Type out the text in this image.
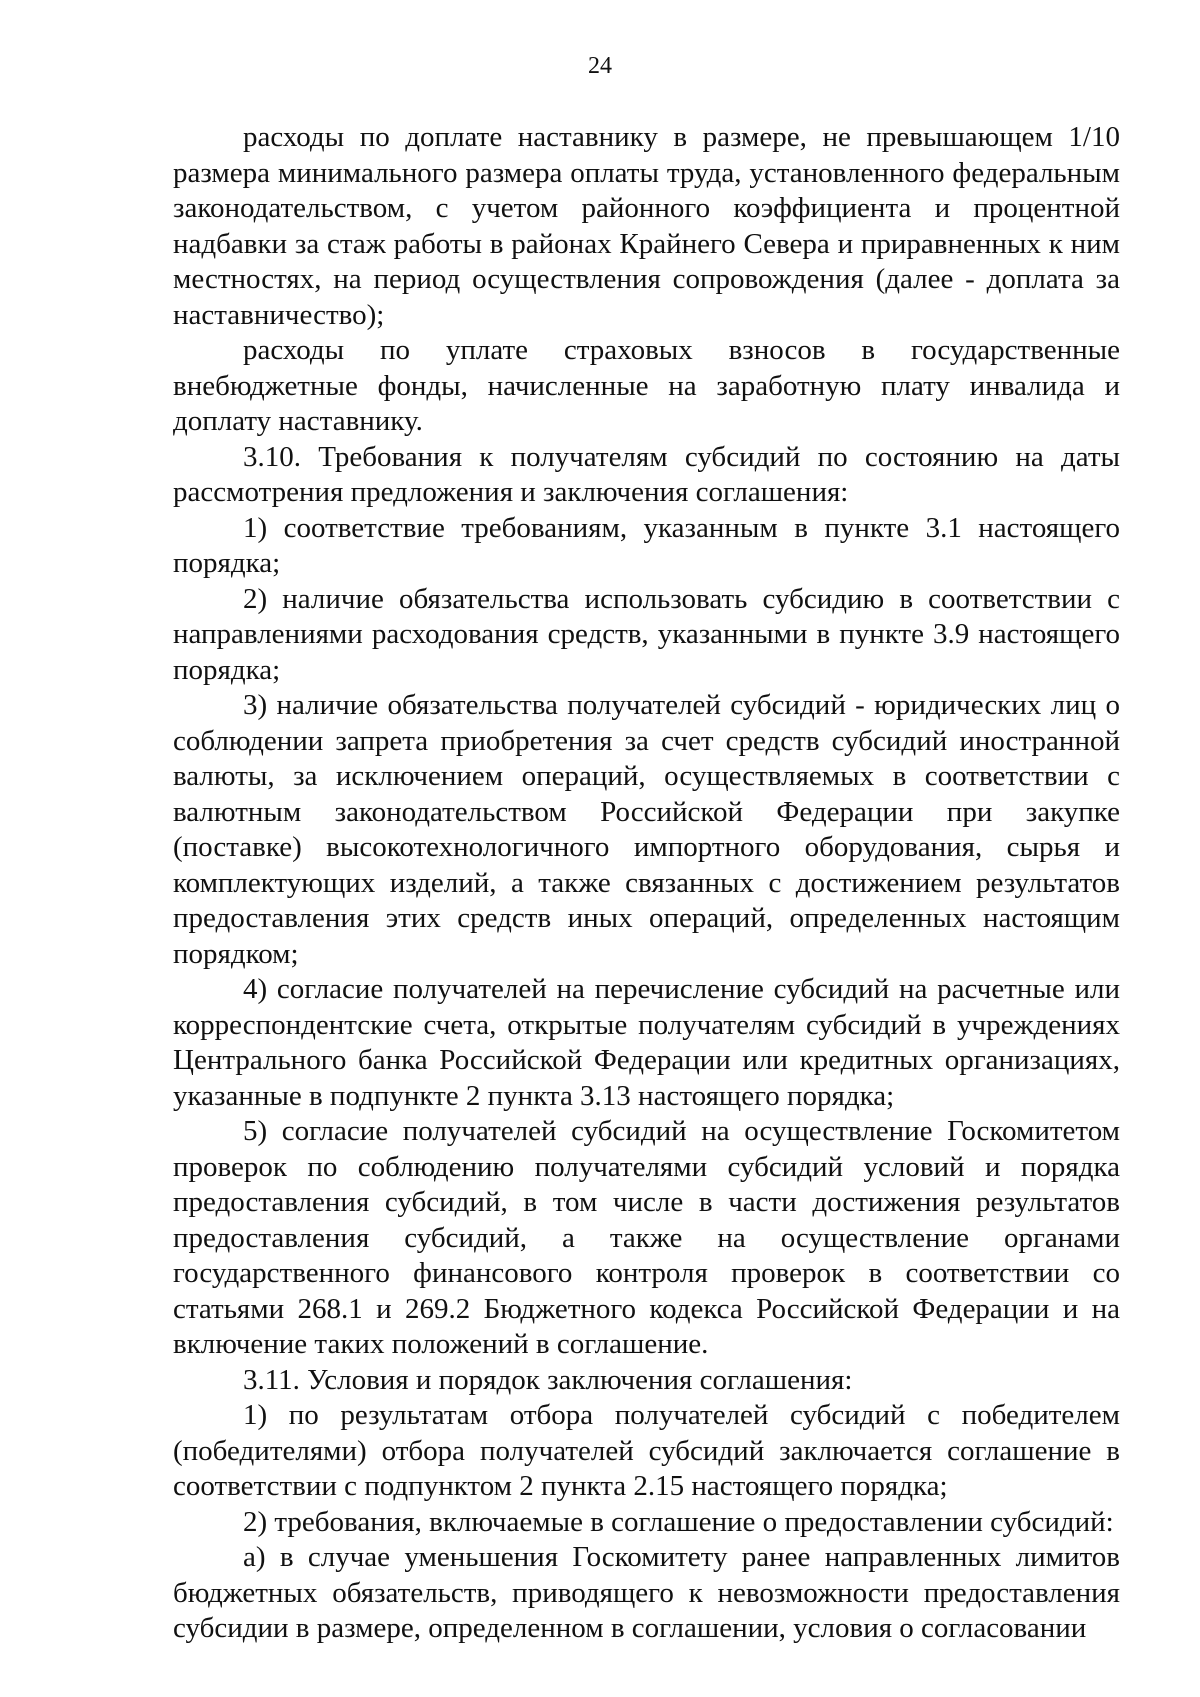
24

расходы по доплате наставнику в размере, не превышающем 1/10 размера минимального размера оплаты труда, установленного федеральным законодательством, с учетом районного коэффициента и процентной надбавки за стаж работы в районах Крайнего Севера и приравненных к ним местностях, на период осуществления сопровождения (далее - доплата за наставничество);

расходы по уплате страховых взносов в государственные внебюджетные фонды, начисленные на заработную плату инвалида и доплату наставнику.

3.10. Требования к получателям субсидий по состоянию на даты рассмотрения предложения и заключения соглашения:

1) соответствие требованиям, указанным в пункте 3.1 настоящего порядка;

2) наличие обязательства использовать субсидию в соответствии с направлениями расходования средств, указанными в пункте 3.9 настоящего порядка;

3) наличие обязательства получателей субсидий - юридических лиц о соблюдении запрета приобретения за счет средств субсидий иностранной валюты, за исключением операций, осуществляемых в соответствии с валютным законодательством Российской Федерации при закупке (поставке) высокотехнологичного импортного оборудования, сырья и комплектующих изделий, а также связанных с достижением результатов предоставления этих средств иных операций, определенных настоящим порядком;

4) согласие получателей на перечисление субсидий на расчетные или корреспондентские счета, открытые получателям субсидий в учреждениях Центрального банка Российской Федерации или кредитных организациях, указанные в подпункте 2 пункта 3.13 настоящего порядка;

5) согласие получателей субсидий на осуществление Госкомитетом проверок по соблюдению получателями субсидий условий и порядка предоставления субсидий, в том числе в части достижения результатов предоставления субсидий, а также на осуществление органами государственного финансового контроля проверок в соответствии со статьями 268.1 и 269.2 Бюджетного кодекса Российской Федерации и на включение таких положений в соглашение.

3.11. Условия и порядок заключения соглашения:

1) по результатам отбора получателей субсидий с победителем (победителями) отбора получателей субсидий заключается соглашение в соответствии с подпунктом 2 пункта 2.15 настоящего порядка;

2) требования, включаемые в соглашение о предоставлении субсидий:

а) в случае уменьшения Госкомитету ранее направленных лимитов бюджетных обязательств, приводящего к невозможности предоставления субсидии в размере, определенном в соглашении, условия о согласовании
